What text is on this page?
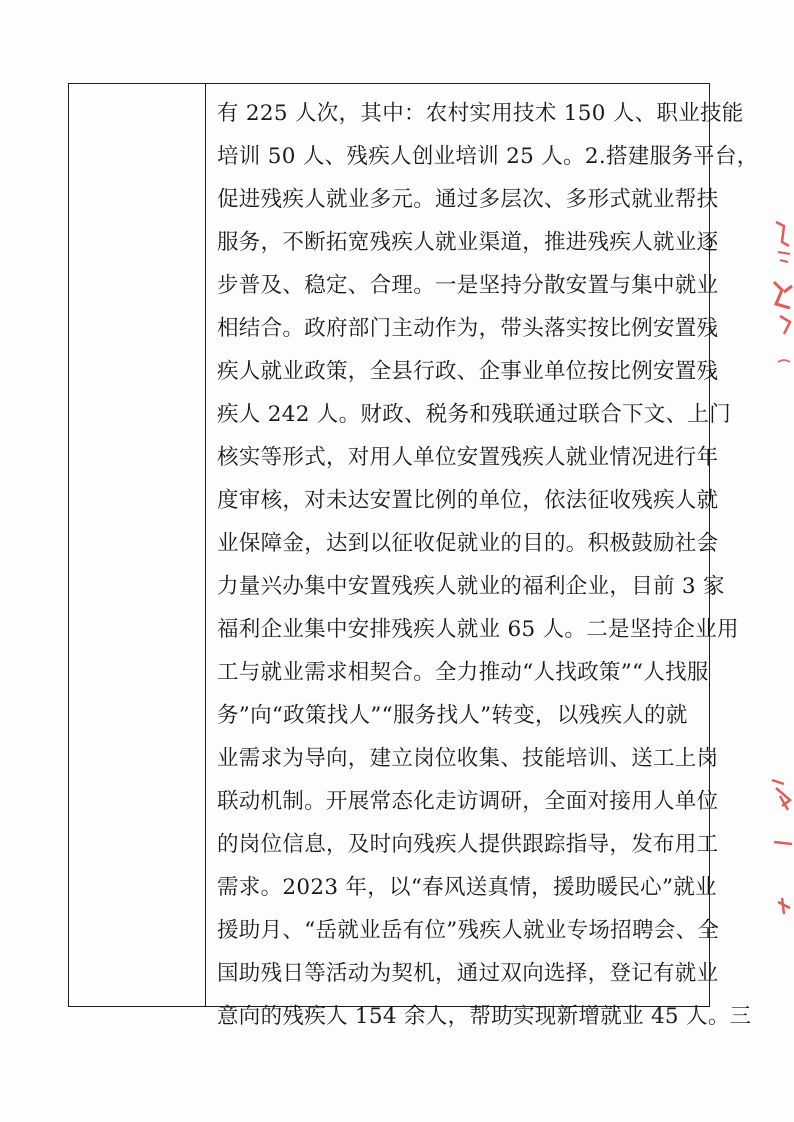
有 225 人次，其中：农村实用技术 150 人、职业技能
培训 50 人、残疾人创业培训 25 人。2.搭建服务平台，
促进残疾人就业多元。通过多层次、多形式就业帮扶
服务，不断拓宽残疾人就业渠道，推进残疾人就业逐
步普及、稳定、合理。一是坚持分散安置与集中就业
相结合。政府部门主动作为，带头落实按比例安置残
疾人就业政策，全县行政、企事业单位按比例安置残
疾人 242 人。财政、税务和残联通过联合下文、上门
核实等形式，对用人单位安置残疾人就业情况进行年
度审核，对未达安置比例的单位，依法征收残疾人就
业保障金，达到以征收促就业的目的。积极鼓励社会
力量兴办集中安置残疾人就业的福利企业，目前 3 家
福利企业集中安排残疾人就业 65 人。二是坚持企业用
工与就业需求相契合。全力推动“人找政策”“人找服
务”向“政策找人”“服务找人”转变，以残疾人的就
业需求为导向，建立岗位收集、技能培训、送工上岗
联动机制。开展常态化走访调研，全面对接用人单位
的岗位信息，及时向残疾人提供跟踪指导，发布用工
需求。2023 年，以“春风送真情，援助暖民心”就业
援助月、“岳就业岳有位”残疾人就业专场招聘会、全
国助残日等活动为契机，通过双向选择，登记有就业
意向的残疾人 154 余人，帮助实现新增就业 45 人。三
